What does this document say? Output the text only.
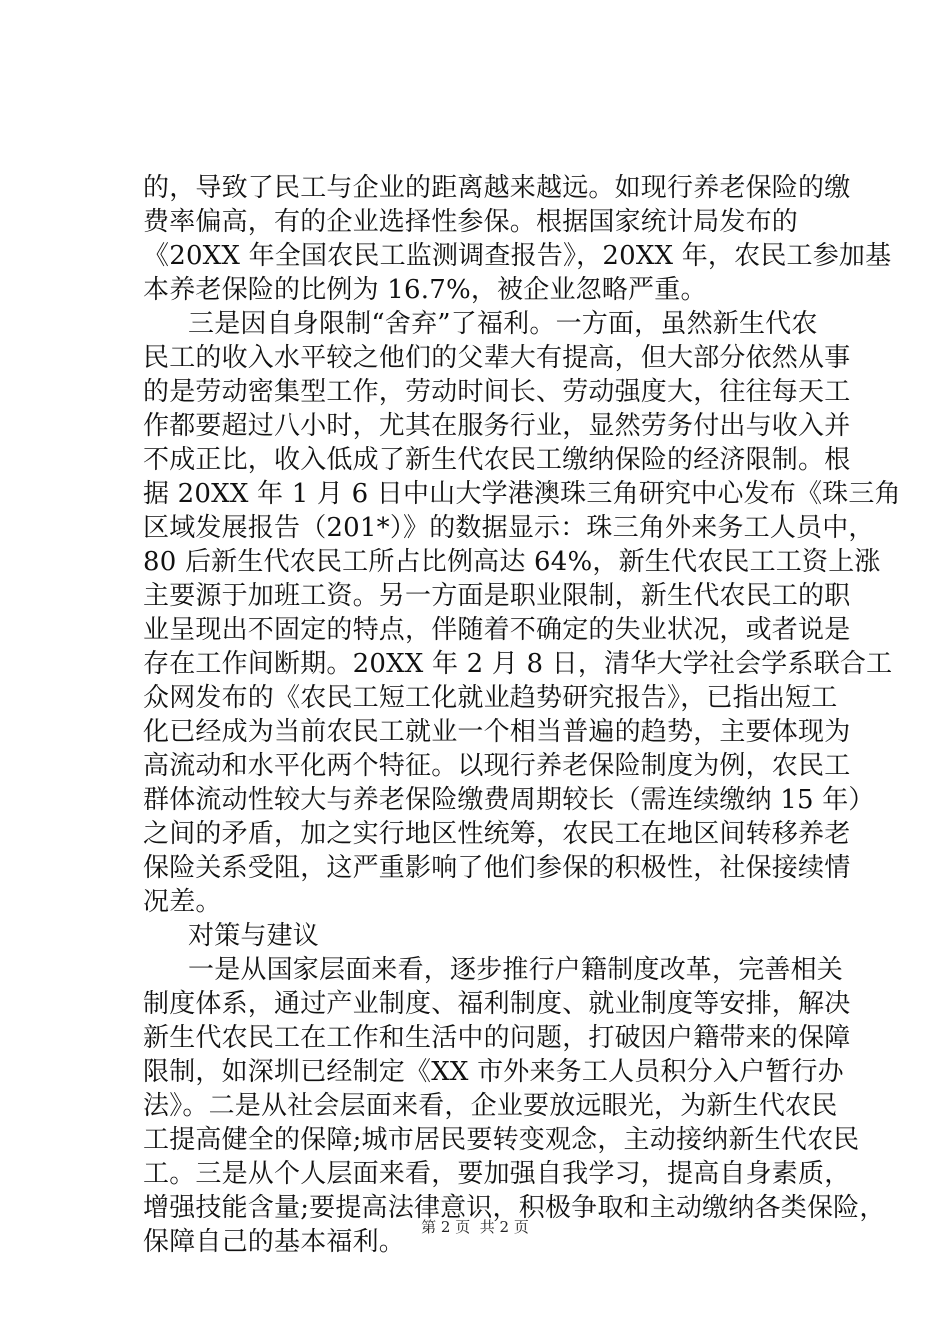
的，导致了民工与企业的距离越来越远。如现行养老保险的缴
费率偏高，有的企业选择性参保。根据国家统计局发布的
《20XX 年全国农民工监测调查报告》，20XX 年，农民工参加基
本养老保险的比例为 16.7%，被企业忽略严重。
三是因自身限制“舍弃”了福利。一方面，虽然新生代农
民工的收入水平较之他们的父辈大有提高，但大部分依然从事
的是劳动密集型工作，劳动时间长、劳动强度大，往往每天工
作都要超过八小时，尤其在服务行业，显然劳务付出与收入并
不成正比，收入低成了新生代农民工缴纳保险的经济限制。根
据 20XX 年 1 月 6 日中山大学港澳珠三角研究中心发布《珠三角
区域发展报告（201*）》的数据显示：珠三角外来务工人员中，
80 后新生代农民工所占比例高达 64%，新生代农民工工资上涨
主要源于加班工资。另一方面是职业限制，新生代农民工的职
业呈现出不固定的特点，伴随着不确定的失业状况，或者说是
存在工作间断期。20XX 年 2 月 8 日，清华大学社会学系联合工
众网发布的《农民工短工化就业趋势研究报告》，已指出短工
化已经成为当前农民工就业一个相当普遍的趋势，主要体现为
高流动和水平化两个特征。以现行养老保险制度为例，农民工
群体流动性较大与养老保险缴费周期较长（需连续缴纳 15 年）
之间的矛盾，加之实行地区性统筹，农民工在地区间转移养老
保险关系受阻，这严重影响了他们参保的积极性，社保接续情
况差。
对策与建议
一是从国家层面来看，逐步推行户籍制度改革，完善相关
制度体系，通过产业制度、福利制度、就业制度等安排，解决
新生代农民工在工作和生活中的问题，打破因户籍带来的保障
限制，如深圳已经制定《XX 市外来务工人员积分入户暂行办
法》。二是从社会层面来看，企业要放远眼光，为新生代农民
工提高健全的保障;城市居民要转变观念，主动接纳新生代农民
工。三是从个人层面来看，要加强自我学习，提高自身素质，
增强技能含量;要提高法律意识，积极争取和主动缴纳各类保险，
保障自己的基本福利。	第 2 页  共 2 页
